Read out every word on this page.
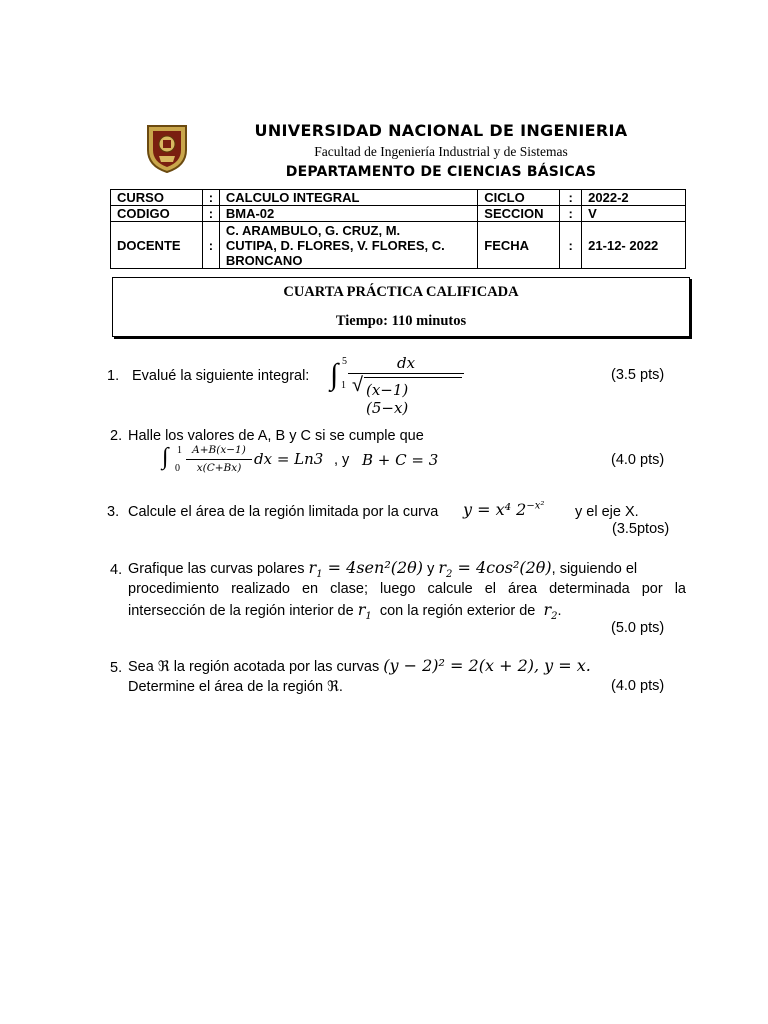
UNIVERSIDAD NACIONAL DE INGENIERIA
Facultad de Ingeniería Industrial y de Sistemas
DEPARTAMENTO DE CIENCIAS BÁSICAS
CURSO	:	CALCULO INTEGRAL	CICLO	:	2022-2
CODIGO	:	BMA-02	SECCION	:	V
DOCENTE	:	C. ARAMBULO, G. CRUZ, M.
CUTIPA, D. FLORES, V. FLORES, C.
BRONCANO	FECHA	:	21-12- 2022
CUARTA PRÁCTICA CALIFICADA
Tiempo: 110 minutos
1. Evalué la siguiente integral: ∫ 5
1
dx
√ (x−1)(5−x)
(3.5 pts)
2. Halle los valores de A, B y C si se cumple que
∫ 1
0
A+B(x−1)
x(C+Bx) dx = Ln3 , y B + C = 3	(4.0 pts)
3. Calcule el área de la región limitada por la curva y = x⁴ $2^{-x^2}$ y el eje X.
(3.5ptos)
4. Grafique las curvas polares $r_1 = 4sen^2(2\theta)$ y $r_2 = 4\cos^2(2\theta)$, siguiendo el
procedimiento realizado en clase; luego calcule el área determinada por la
intersección de la región interior de $r_1$ con la región exterior de $r_2$.
(5.0 pts)
5. Sea ℜ la región acotada por las curvas (y − 2)² = 2(x + 2), y = x.
Determine el área de la región ℜ.	(4.0 pts)
